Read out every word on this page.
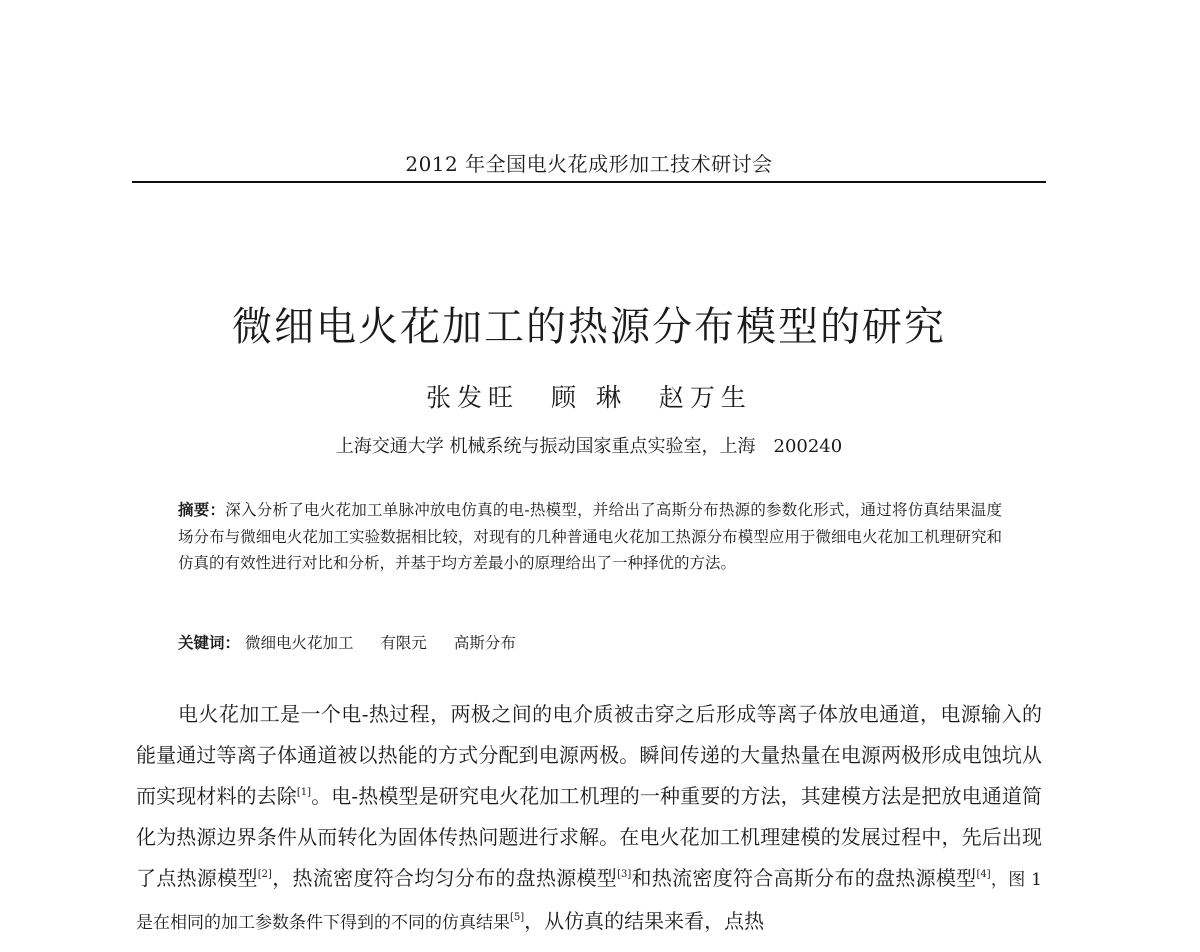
2012 年全国电火花成形加工技术研讨会
微细电火花加工的热源分布模型的研究
张发旺 顾 琳 赵万生
上海交通大学 机械系统与振动国家重点实验室，上海　200240
摘要：深入分析了电火花加工单脉冲放电仿真的电-热模型，并给出了高斯分布热源的参数化形式，通过将仿真结果温度场分布与微细电火花加工实验数据相比较，对现有的几种普通电火花加工热源分布模型应用于微细电火花加工机理研究和仿真的有效性进行对比和分析，并基于均方差最小的原理给出了一种择优的方法。
关键词： 微细电火花加工 有限元 高斯分布

电火花加工是一个电-热过程，两极之间的电介质被击穿之后形成等离子体放电通道，电源输入的能量通过等离子体通道被以热能的方式分配到电源两极。瞬间传递的大量热量在电源两极形成电蚀坑从而实现材料的去除[1]。电-热模型是研究电火花加工机理的一种重要的方法，其建模方法是把放电通道简化为热源边界条件从而转化为固体传热问题进行求解。在电火花加工机理建模的发展过程中，先后出现了点热源模型[2]，热流密度符合均匀分布的盘热源模型[3]和热流密度符合高斯分布的盘热源模型[4]，图 1 是在相同的加工参数条件下得到的不同的仿真结果[5]，从仿真的结果来看，点热
